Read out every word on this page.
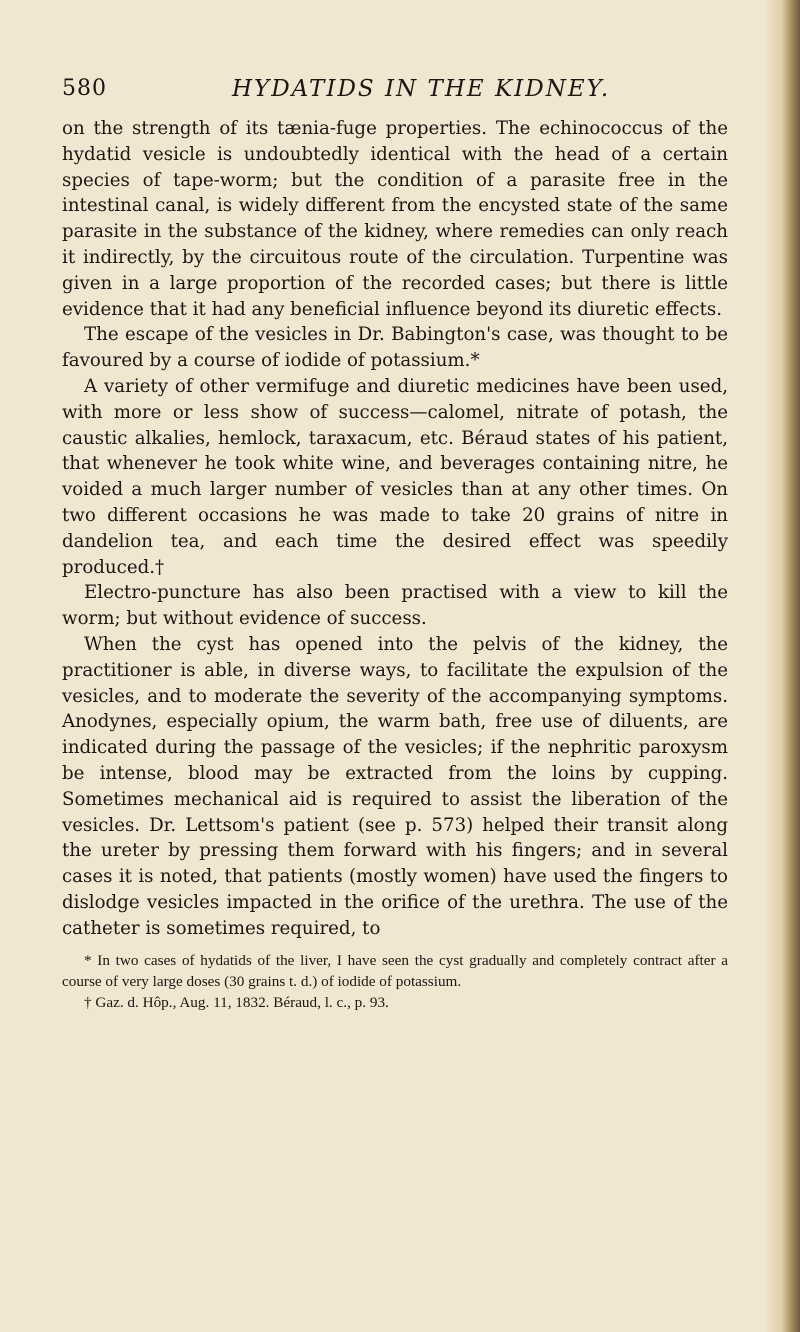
580	HYDATIDS IN THE KIDNEY.

on the strength of its tænia-fuge properties. The echinococcus of the hydatid vesicle is undoubtedly identical with the head of a certain species of tape-worm; but the condition of a parasite free in the intestinal canal, is widely different from the encysted state of the same parasite in the substance of the kidney, where remedies can only reach it indirectly, by the circuitous route of the circulation. Turpentine was given in a large proportion of the recorded cases; but there is little evidence that it had any beneficial influence beyond its diuretic effects.

The escape of the vesicles in Dr. Babington's case, was thought to be favoured by a course of iodide of potassium.*

A variety of other vermifuge and diuretic medicines have been used, with more or less show of success—calomel, nitrate of potash, the caustic alkalies, hemlock, taraxacum, etc. Béraud states of his patient, that whenever he took white wine, and beverages containing nitre, he voided a much larger number of vesicles than at any other times. On two different occasions he was made to take 20 grains of nitre in dandelion tea, and each time the desired effect was speedily produced.†

Electro-puncture has also been practised with a view to kill the worm; but without evidence of success.

When the cyst has opened into the pelvis of the kidney, the practitioner is able, in diverse ways, to facilitate the expulsion of the vesicles, and to moderate the severity of the accompanying symptoms. Anodynes, especially opium, the warm bath, free use of diluents, are indicated during the passage of the vesicles; if the nephritic paroxysm be intense, blood may be extracted from the loins by cupping. Sometimes mechanical aid is required to assist the liberation of the vesicles. Dr. Lettsom's patient (see p. 573) helped their transit along the ureter by pressing them forward with his fingers; and in several cases it is noted, that patients (mostly women) have used the fingers to dislodge vesicles impacted in the orifice of the urethra. The use of the catheter is sometimes required, to

* In two cases of hydatids of the liver, I have seen the cyst gradually and completely contract after a course of very large doses (30 grains t. d.) of iodide of potassium.

† Gaz. d. Hôp., Aug. 11, 1832. Béraud, l. c., p. 93.
